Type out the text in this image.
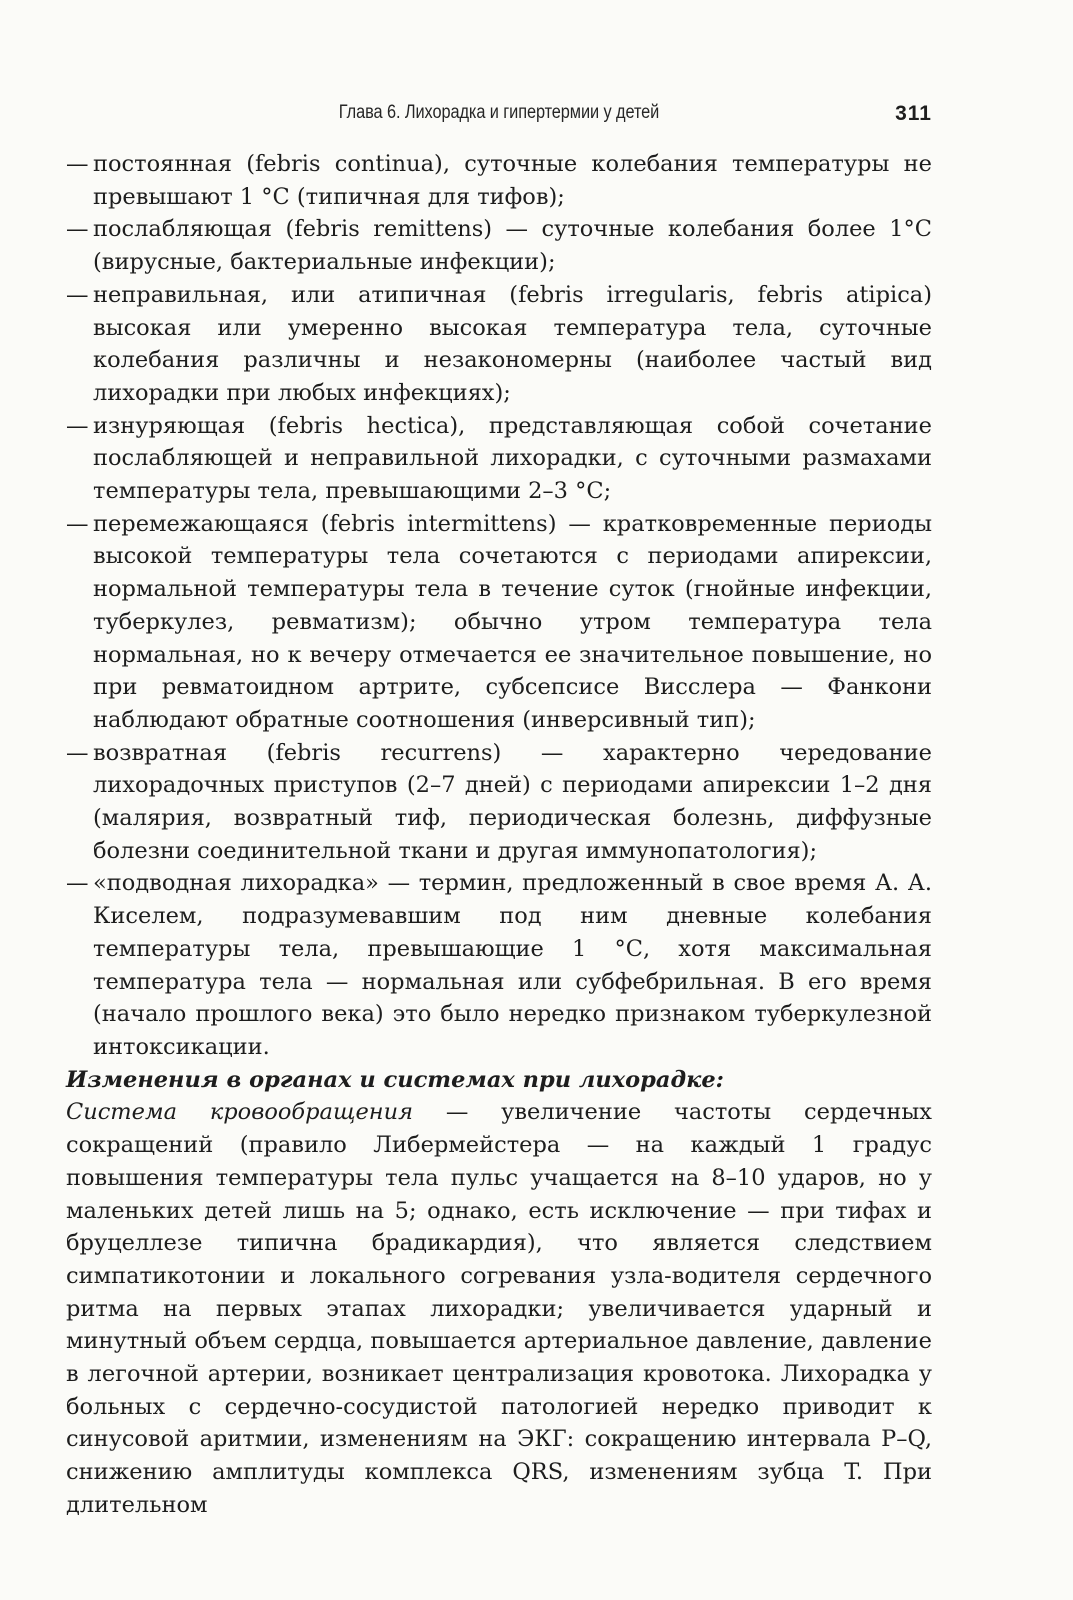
Глава 6. Лихорадка и гипертермии у детей	311
— постоянная (febris continua), суточные колебания температуры не превышают 1 °С (типичная для тифов);
— послабляющая (febris remittens) — суточные колебания более 1°С (вирусные, бактериальные инфекции);
— неправильная, или атипичная (febris irregularis, febris atipica) высокая или умеренно высокая температура тела, суточные колебания различны и незакономерны (наиболее частый вид лихорадки при любых инфекциях);
— изнуряющая (febris hectica), представляющая собой сочетание послабляющей и неправильной лихорадки, с суточными размахами температуры тела, превышающими 2–3 °С;
— перемежающаяся (febris intermittens) — кратковременные периоды высокой температуры тела сочетаются с периодами апирексии, нормальной температуры тела в течение суток (гнойные инфекции, туберкулез, ревматизм); обычно утром температура тела нормальная, но к вечеру отмечается ее значительное повышение, но при ревматоидном артрите, субсепсисе Висслера — Фанкони наблюдают обратные соотношения (инверсивный тип);
— возвратная (febris recurrens) — характерно чередование лихорадочных приступов (2–7 дней) с периодами апирексии 1–2 дня (малярия, возвратный тиф, периодическая болезнь, диффузные болезни соединительной ткани и другая иммунопатология);
— «подводная лихорадка» — термин, предложенный в свое время А. А. Киселем, подразумевавшим под ним дневные колебания температуры тела, превышающие 1 °С, хотя максимальная температура тела — нормальная или субфебрильная. В его время (начало прошлого века) это было нередко признаком туберкулезной интоксикации.

Изменения в органах и системах при лихорадке:

Система кровообращения — увеличение частоты сердечных сокращений (правило Либермейстера — на каждый 1 градус повышения температуры тела пульс учащается на 8–10 ударов, но у маленьких детей лишь на 5; однако, есть исключение — при тифах и бруцеллезе типична брадикардия), что является следствием симпатикотонии и локального согревания узла-водителя сердечного ритма на первых этапах лихорадки; увеличивается ударный и минутный объем сердца, повышается артериальное давление, давление в легочной артерии, возникает централизация кровотока. Лихорадка у больных с сердечно-сосудистой патологией нередко приводит к синусовой аритмии, изменениям на ЭКГ: сокращению интервала P–Q, снижению амплитуды комплекса QRS, изменениям зубца T. При длительном
